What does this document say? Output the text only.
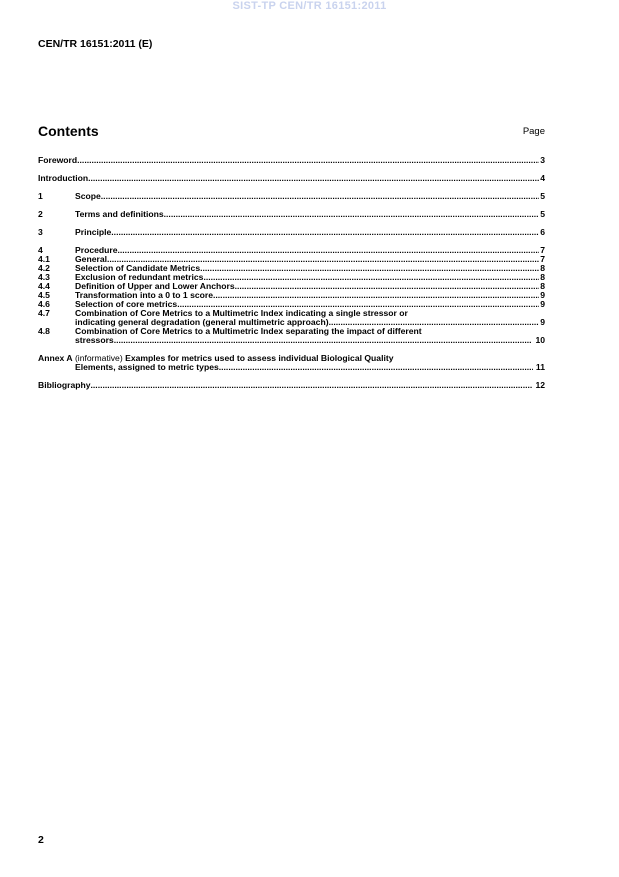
SIST-TP CEN/TR 16151:2011
CEN/TR 16151:2011 (E)
Contents	Page
Foreword .....	3
Introduction .....	4
1	Scope .....	5
2	Terms and definitions .....	5
3	Principle .....	6
4	Procedure .....	7
4.1	General .....	7
4.2	Selection of Candidate Metrics .....	8
4.3	Exclusion of redundant metrics .....	8
4.4	Definition of Upper and Lower Anchors .....	8
4.5	Transformation into a 0 to 1 score .....	9
4.6	Selection of core metrics .....	9
4.7	Combination of Core Metrics to a Multimetric Index indicating a single stressor or
indicating general degradation (general multimetric approach) .....	9
4.8	Combination of Core Metrics to a Multimetric Index separating the impact of different
stressors .....	10
Annex A (informative) Examples for metrics used to assess individual Biological Quality
Elements, assigned to metric types .....	11
Bibliography .....	12
2
